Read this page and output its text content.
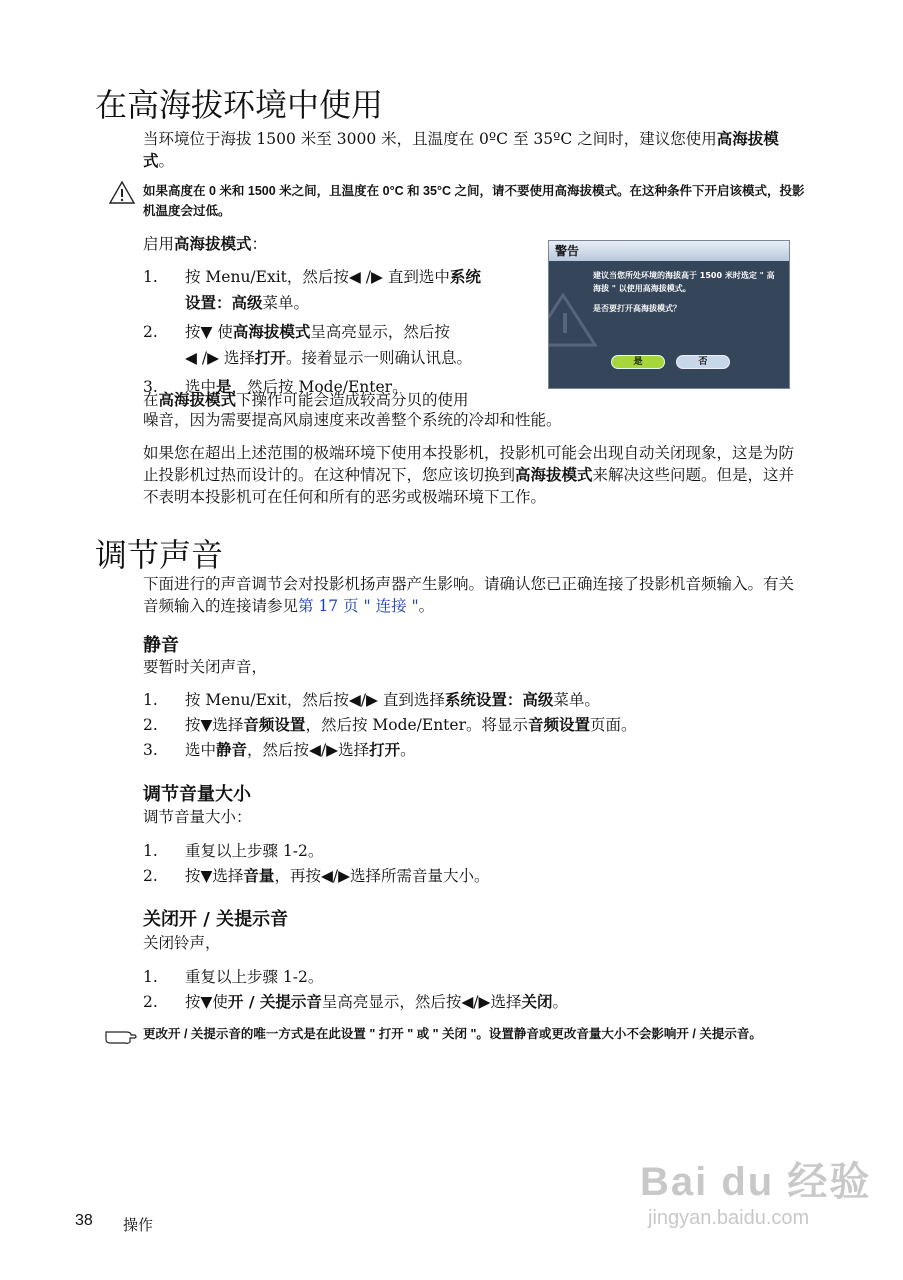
在高海拔环境中使用
当环境位于海拔 1500 米至 3000 米，且温度在 0ºC 至 35ºC 之间时，建议您使用高海拔模式。
如果高度在 0 米和 1500 米之间，且温度在 0°C 和 35°C 之间，请不要使用高海拔模式。在这种条件下开启该模式，投影机温度会过低。
启用高海拔模式：
1. 按 Menu/Exit，然后按◀ /▶ 直到选中系统
设置：高级菜单。
2. 按▼ 使高海拔模式呈高亮显示，然后按
◀ /▶ 选择打开。接着显示一则确认讯息。
3. 选中是，然后按 Mode/Enter。
在高海拔模式下操作可能会造成较高分贝的使用
噪音，因为需要提高风扇速度来改善整个系统的冷却和性能。
如果您在超出上述范围的极端环境下使用本投影机，投影机可能会出现自动关闭现象，这是为防止投影机过热而设计的。在这种情况下，您应该切换到高海拔模式来解决这些问题。但是，这并不表明本投影机可在任何和所有的恶劣或极端环境下工作。
警告
建议当您所处环境的海拔高于 1500 米时选定 " 高海拔 " 以使用高海拔模式。
是否要打开高海拔模式？
是	否
调节声音
下面进行的声音调节会对投影机扬声器产生影响。请确认您已正确连接了投影机音频输入。有关音频输入的连接请参见第 17 页 " 连接 "。
静音
要暂时关闭声音，
1. 按 Menu/Exit，然后按◀/▶ 直到选择系统设置：高级菜单。
2. 按▼选择音频设置，然后按 Mode/Enter。将显示音频设置页面。
3. 选中静音，然后按◀/▶选择打开。
调节音量大小
调节音量大小：
1. 重复以上步骤 1-2。
2. 按▼选择音量，再按◀/▶选择所需音量大小。
关闭开 / 关提示音
关闭铃声，
1. 重复以上步骤 1-2。
2. 按▼使开 / 关提示音呈高亮显示，然后按◀/▶选择关闭。
更改开 / 关提示音的唯一方式是在此设置 " 打开 " 或 " 关闭 "。设置静音或更改音量大小不会影响开 / 关提示音。
38 操作
Bai du 经验
jingyan.baidu.com
